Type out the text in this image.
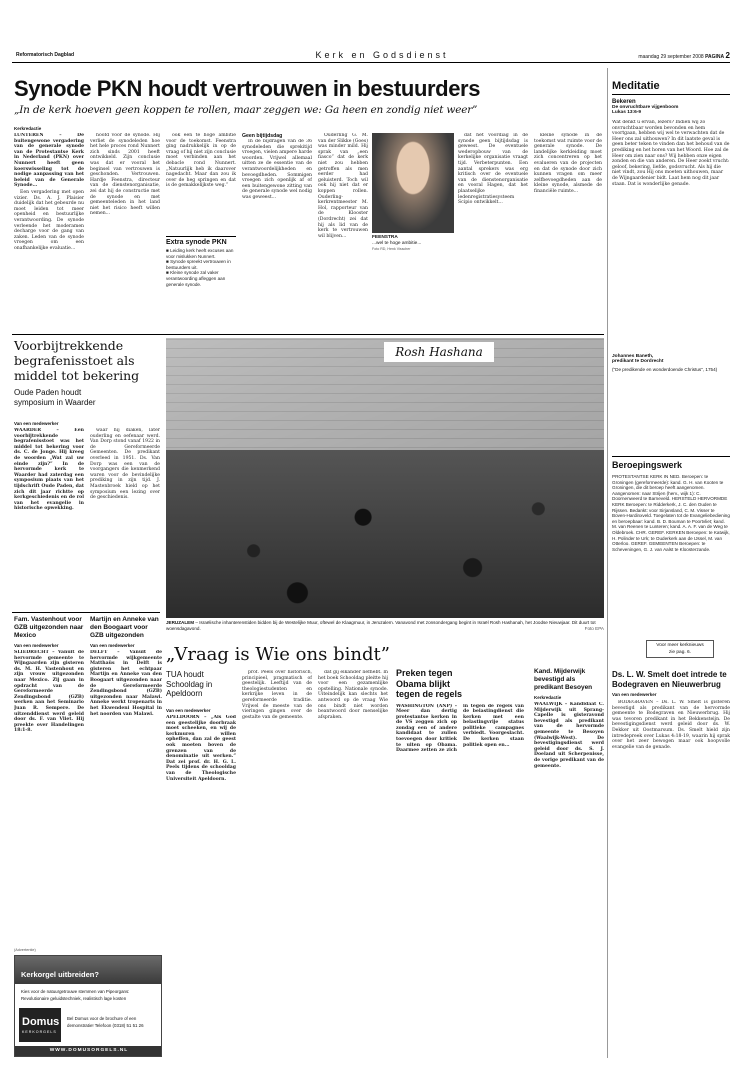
Reformatorisch Dagblad	Kerk en Godsdienst	maandag 29 september 2008 PAGINA 2
Synode PKN houdt vertrouwen in bestuurders
„In de kerk hoeven geen koppen te rollen, maar zeggen we: Ga heen en zondig niet weer”
Kerkredactie

LUNTEREN – De buitengewone vergadering van de generale synode van de Protestantse Kerk in Nederland (PKN) over Nunnert heeft geen koerswisseling tot de nodige aanpassing van het beleid van de Generale Synode...

Een vergadering met open vizier. Ds. A. J. Plaisier duidelijk dat het gebeurde nu moet leiden tot meer openheid en bestuurlijke verantwoording. De synode verleende het moderamen decharge voor de gang van zaken. Leden van de synode vroegen om een onafhankelijke evaluatie...

hoofd voor de synode. Hij verliet de synodeleden hoe het hele proces rond Nunnert zich sinds 2001 heeft ontwikkeld. Zijn conclusie was dat er vooral het beginsel van vertrouwen is geschonden. Vertrouwen. Hardje Feenstra, directeur van de dienstenorganisatie, zei dat hij de constructie met de synode en met gemeenteleden in het land niet het risico heeft willen nemen...

ook een te hoge ambitie voor de toekomst. Feenstra ging nadrukkelijk in op de vraag of hij niet zijn conclusie moet verbinden aan het debacle rond Nunnert. „Natuurlijk heb ik daarover nagedacht. Maar dan zou ik over de heg springen en dat is de gemakkelijkste weg.”

Extra synode PKN
■ Leiding kerk heeft excuses aan voor mislukken Nunnert.
■ Synode spreekt vertrouwen in bestuurders uit.
■ Kleine synode zal vaker verantwoording afleggen aan generale synode.
Geen bijtijdsdag

In de bijdragen van de 36 synodeleden die sprekitijd vroegen, vielen ampere harde woorden. Vrijwel allemaal uitten ze de essentie van de verantwoordelijkheden en bevoegdheden. Sommigen vroegen zich openlijk af of een buitengewone zitting van de generale synode wel nodig was geweest...

Ouderling G. M. van der Slikke (Goes) was minder mild. Hij sprak van „een fiasco” dat de kerk niet zou hebben getroffen als men eerder had geluisterd. Toch wil ook hij niet dat er koppen rollen. Ouderling-kerkrentmeester M. Hol, rapporteur van de Klooster (Dordrecht) zei dat hij als lid van de kerk te vertrouwen wil blijven...	FEENSTRA
...wel te hoge ambitie...
Foto RD, Henk Visscher

dat het voordiag in de synode geen bijtijdsdag is geweest. De eventuele wederopbouw van de kerkelijke organisatie vraagt tijd. Verbeterpunten. Een aantal sprekers was erg kritisch over de eventuele van de dienstenorganisatie en vooral Hagen, dat het plaatselijke ledenregistratiesysteem Scipio ontwikkelt...

kleine synode in de toekomst wat ruimte voor de generale synode. De landelijke kerkleiding moet zich concentreren op het evalueren van de projecten en dat de synode door zich kunnen vragen om meer zelfbevoegdheden aan de kleine synode, alsmede de financiële ruimte...

Meditatie
Bekeren
De onvruchtbare vijgenboom
Lukas 13:6-9

Wat denkt u ervan, lezers? Indien wij zo onvruchtbaar worden bevonden en hem voortgaan, hebben wij wel te verwachten dat de Heer ons zal uithouwen? In dit laatste geval is geen beter teken te vinden dan het behoud van de prediking en het horen van het Woord. Hoe zal de Heer om zien naar ons? Wij hebben onze eigen zonden en die van anderen. De Heer zoekt vrucht: geloof, bekering, liefde, godsvrucht. Als hij die niet vindt, zou Hij ons moeten uithouwen, maar de Wijngaardenier bidt. Laat hem nog dit jaar staan. Dat is wonderlijke genade.

Johannes Baneth,
predikant te Dordrecht
("De predikende en wonderdoende Christus", 1754)
Beroepingswerk

PROTESTANTSE KERK IN NED. Beroepen: te Groningen (gereformeerde): kand. G. H. van Kooten te Groningen, die dit beroep heeft aangenomen. Aangenomen: naar Strijen (herv., wijk 1): C. Doornenweerd te Barneveld. HERSTELD HERVORMDE KERK Beroepen: te Ridderkerk, J. C. den Ouden te Rijssen. Bedankt: voor Sirjansland, C. M. Visser te Boven-Hardinxveld. Toegelaten tot de Evangeliebediening en beroepbaar: kand. B. D. Bouman te Poortvliet; kand. M. van Reenen te Lunteren; kand. A. A. F. van de Weg te Oldebroek. CHR. GEREF. KERKEN Beroepen: te Katwijk, H. Polinder te Urk; te Ouderkerk aan de IJssel, M. van Otterloo. GEREF. GEMEENTEN Beroepen: te Scheveningen, G. J. van Aalst te Kloosterzande.

Voor meer kerknieuws
zie pag. 6.
Ds. L. W. Smelt doet intrede te Bodegraven en Nieuwerbrug
Van een medewerker

BODEGRAVEN – Ds. L. W. Smelt is gisteren bevestigd als predikant van de hervormde gemeente te Bodegraven en Nieuwerbrug. Hij was tevoren predikant in het Bekkensteijn. De bevestigingsdienst werd geleid door ds. W. Dekker uit Oostmarsum. Ds. Smelt hield zijn intredepreek over Lukas 4:18-19, waarin hij sprak over het zeer bewogen maar ook hoopvolle evangelie van de genade.

Voorbijtrekkende begrafenisstoet als middel tot bekering
Oude Paden houdt symposium in Waarder
Van een medewerker

WAARDER – Een voorbijtrekkende begrafenisstoet was het middel tot bekering voor ds. C. de Jonge. Hij kreeg de woorden „Wat zal uw einde zijn?” In de hervormde kerk te Waarder had zaterdag een symposium plaats van het tijdschrift Oude Paden, dat zich dit jaar richtte op kerkgeschiedenis en de rol van het evangelie in historische opwekking.

waar hij diaken, later ouderling en oefenaar werd. Van Dorp stond vanaf 1922 in de Gereformeerde Gemeenten. De predikant overleed in 1951. Ds. Van Dorp was een van de voorgangers die kenmerkend waren voor de bevindelijke prediking in zijn tijd. J. Mastenbroek hield op het symposium een lezing over de geschiedenis.

Rosh Hashana
JERUZALEM – Israëlische inhanterenstiden bidden bij de Westelijke Muur, oftewel de Klaagmuur, in Jeruzalem. Vanavond met zonsondergang begint in Israël Rosh Hashanah, het Joodse Nieuwjaar. Dit duurt tot woensdagavond.	Foto EPA
Fam. Vastenhout voor GZB uitgezonden naar Mexico
Van een medewerker

SLIEDRECHT – Vanuit de hervormde gemeente te Wijngaarden zijn gisteren ds. M. H. Vastenhout en zijn vrouw uitgezonden naar Mexico. Zij gaan in opdracht van de Gereformeerde Zendingsbond (GZB) werken aan het Seminario Juan R. Sempere. De uitzenddienst werd geleid door ds. F. van Vliet. Hij preekte over Handelingen 18:1-8.

Martijn en Anneke van den Boogaart voor GZB uitgezonden
Van een medewerker

DELFT – Vanuit de hervormde wijkgemeente Matthaüs in Delft is gisteren het echtpaar Martijn en Anneke van den Boogaart uitgezonden naar de Gereformeerde Zendingsbond (GZB) uitgezonden naar Malawi. Anneke werkt tropenarts in het Ekwendeni Hospital in het noorden van Malawi.

(Advertentie)
Kerkorgel uitbreiden?
Kies voor de natuurgetrouwe stemmen van Pipeorgans:
Revolutionaire geluidstechniek, realistisch lage kosten
Domus
KERKORGELS
Bel Domus voor de brochure of een
demonstratie! Telefoon (0318) 51 51 26
WWW.DOMUSORGELS.NL
„Vraag is Wie ons bindt”
TUA houdt Schooldag in Apeldoorn
Van een medewerker

APELDOORN – „Als God een geestelijke doorbraak moet scheeken, en wij de kerkmuren willen opheffen, dan zal de geest ook moeten boven de grenzen van de denominatie uit werken.” Dat zei prof. dr. H. G. L. Peels tijdens de schooldag van de Theologische Universiteit Apeldoorn.

prof. Peels over historisch, principieel, pragmatisch of geestelijk. Leeftijd van de theologiestudenten en kerkrijke leven in de gereformeerde traditie. Vrijwel de meeste van de vieringen gingen over de gestalte van de gemeente.

dat gij elkander liefhebt. In het boek Schooldag pleitte hij voor een gezamenlijke opstelling. Nationale synode. Uiteindelijk kan slechts het antwoord op de vraag Wie ons bindt niet worden beantwoord door menselijke afspraken.

Preken tegen Obama blijkt tegen de regels

WASHINGTON (ANP) – Meer dan dertig protestantse kerken in de VS zeggen zich op zondag een of andere kandidaat te zullen toevoegen door kritiek te uiten op Obama. Daarmee zetten ze zich in tegen de regels van de belastingdienst die kerken met een belastingvrije status politieke campagnes verbiedt. Voorgeslacht. De kerken staan politiek open en...

Kand. Mijderwijk bevestigd als predikant Besoyen
Kerkredactie

WAALWIJK – Kandidaat C. Mijderwijk uit Sprang-Capelle is gisteravond bevestigd als predikant van de hervormde gemeente te Besoyen (Waalwijk-West). De bevestigingsdienst werd geleid door ds. S. J. Doeland uit Scherpenisse, de vorige predikant van de gemeente.
